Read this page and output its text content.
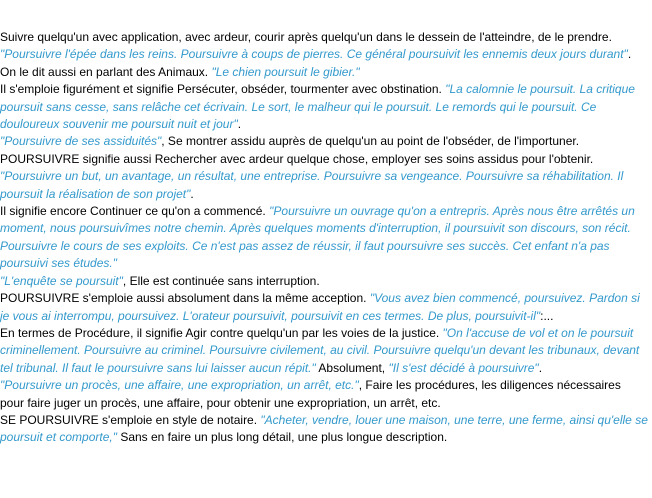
Suivre quelqu'un avec application, avec ardeur, courir après quelqu'un dans le dessein de l'atteindre, de le prendre. "Poursuivre l'épée dans les reins. Poursuivre à coups de pierres. Ce général poursuivit les ennemis deux jours durant".

On le dit aussi en parlant des Animaux. "Le chien poursuit le gibier."

Il s'emploie figurément et signifie Persécuter, obséder, tourmenter avec obstination. "La calomnie le poursuit. La critique poursuit sans cesse, sans relâche cet écrivain. Le sort, le malheur qui le poursuit. Le remords qui le poursuit. Ce douloureux souvenir me poursuit nuit et jour".

"Poursuivre de ses assiduités", Se montrer assidu auprès de quelqu'un au point de l'obséder, de l'importuner.

POURSUIVRE signifie aussi Rechercher avec ardeur quelque chose, employer ses soins assidus pour l'obtenir. "Poursuivre un but, un avantage, un résultat, une entreprise. Poursuivre sa vengeance. Poursuivre sa réhabilitation. Il poursuit la réalisation de son projet".

Il signifie encore Continuer ce qu'on a commencé. "Poursuivre un ouvrage qu'on a entrepris. Après nous être arrêtés un moment, nous poursuivîmes notre chemin. Après quelques moments d'interruption, il poursuivit son discours, son récit. Poursuivre le cours de ses exploits. Ce n'est pas assez de réussir, il faut poursuivre ses succès. Cet enfant n'a pas poursuivi ses études."

"L'enquête se poursuit", Elle est continuée sans interruption.

POURSUIVRE s'emploie aussi absolument dans la même acception. "Vous avez bien commencé, poursuivez. Pardon si je vous ai interrompu, poursuivez. L'orateur poursuivit, poursuivit en ces termes. De plus, poursuivit-il":...

En termes de Procédure, il signifie Agir contre quelqu'un par les voies de la justice. "On l'accuse de vol et on le poursuit criminellement. Poursuivre au criminel. Poursuivre civilement, au civil. Poursuivre quelqu'un devant les tribunaux, devant tel tribunal. Il faut le poursuivre sans lui laisser aucun répit." Absolument, "Il s'est décidé à poursuivre".

"Poursuivre un procès, une affaire, une expropriation, un arrêt, etc.", Faire les procédures, les diligences nécessaires pour faire juger un procès, une affaire, pour obtenir une expropriation, un arrêt, etc.

SE POURSUIVRE s'emploie en style de notaire. "Acheter, vendre, louer une maison, une terre, une ferme, ainsi qu'elle se poursuit et comporte," Sans en faire un plus long détail, une plus longue description.
